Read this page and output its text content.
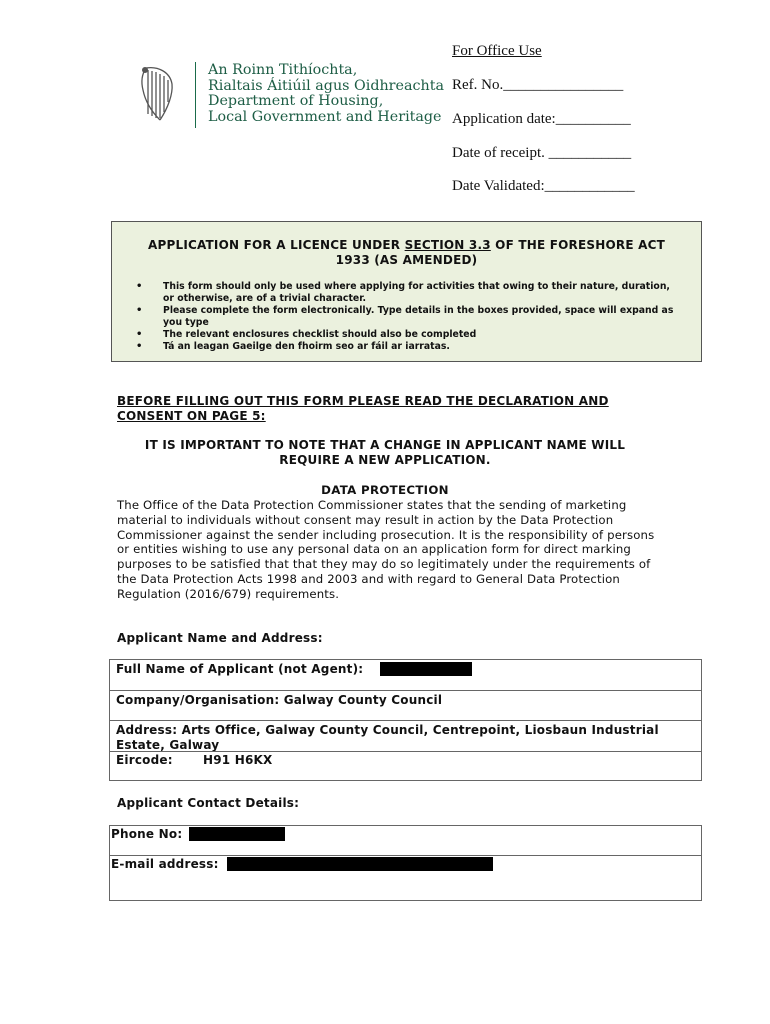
An Roinn Tithíochta,
Rialtais Áitiúil agus Oidhreachta
Department of Housing,
Local Government and Heritage
For Office Use
Ref. No.________________
Application date:__________
Date of receipt. ___________
Date Validated:____________
APPLICATION FOR A LICENCE UNDER SECTION 3.3 OF THE FORESHORE ACT
1933 (AS AMENDED)
• This form should only be used where applying for activities that owing to their nature, duration, or otherwise, are of a trivial character.
• Please complete the form electronically. Type details in the boxes provided, space will expand as you type
• The relevant enclosures checklist should also be completed
• Tá an leagan Gaeilge den fhoirm seo ar fáil ar iarratas.
BEFORE FILLING OUT THIS FORM PLEASE READ THE DECLARATION AND CONSENT ON PAGE 5:
IT IS IMPORTANT TO NOTE THAT A CHANGE IN APPLICANT NAME WILL REQUIRE A NEW APPLICATION.
DATA PROTECTION
The Office of the Data Protection Commissioner states that the sending of marketing material to individuals without consent may result in action by the Data Protection Commissioner against the sender including prosecution. It is the responsibility of persons or entities wishing to use any personal data on an application form for direct marking purposes to be satisfied that that they may do so legitimately under the requirements of the Data Protection Acts 1998 and 2003 and with regard to General Data Protection Regulation (2016/679) requirements.
Applicant Name and Address:
Full Name of Applicant (not Agent):
Company/Organisation: Galway County Council
Address: Arts Office, Galway County Council, Centrepoint, Liosbaun Industrial
Estate, Galway
Eircode:	H91 H6KX
Applicant Contact Details:
Phone No:
E-mail address:
